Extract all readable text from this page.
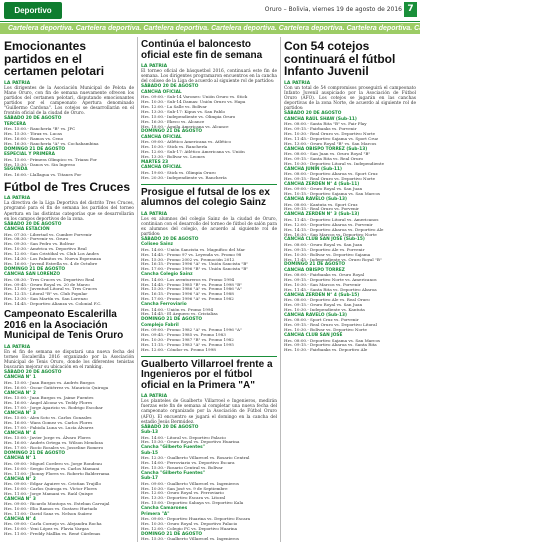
Deportivo	Oruro – Bolivia, viernes 19 de agosto de 2016 7
Cartelera deportiva. Cartelera deportiva. Cartelera deportiva. Cartelera deportiva. Cartelera deportiva. Cartelera deportiva. Cartelera deportiva. Cartelera deportiva.
Emocionantes partidos en el certamen pelotari
LA PATRIA

Los dirigentes de la Asociación Municipal de Pelota de Mano Oruro, con fin de semana nuevamente ofrecen los partidos del certamen pelotari, disputando emocionantes partidos por el campeonato Apertura denominado "Guillermo Cardona". Los cotejos se desarrollarán en el frontón oficial de la ciudad de Oruro.

SÁBADO 20 DE AGOSTO
TERCERA
Hrs. 15:00.- Ranchería "B" vs. JPC
Hrs. 15:30.- Tórax vs. Lucas
Hrs. 16:00.- Ramos vs. Ceno
Hrs. 16:30.- Ranchería "A" vs. Cochabambina
DOMINGO 21 DE AGOSTO
ESPECIAL Y PRIMERA
Hrs. 15:00.- Primera Olímpico vs. Trianu For
Hrs. 15:30.- Danos vs. Sin Ingreso
SEGUNDA
Hrs. 16:00.- Llallagua vs. Titanes For
Fútbol de Tres Cruces
LA PATRIA

La directiva de la Liga Deportiva del distrito Tres Cruces, programó para el fin de semana los partidos del torneo Apertura en las distintas categorías que se desarrollarán en los campos deportivos de la zona.

SÁBADO 20 DE AGOSTO
CANCHA ESTACIÓN
Hrs. 07:30.- Libertad vs. Cumbre Porvenir
Hrs. 08:30.- Porvenir vs. Oruro
Hrs. 09:30.- San Pedro vs. Bolívar
Hrs. 10:30.- América vs. Deportivo Real
Hrs. 12:00.- San Cristóbal vs. Club Los Andes
Hrs. 14:30.- Los Palmitos vs. Nueva Esperanza
Hrs. 16:00.- Juvenil Estrella vs. 4 de Octubre
DOMINGO 21 DE AGOSTO
CANCHA SAN LORENZO
Hrs. 08:30.- Tres Cruces vs. Deportivo Real
Hrs. 09:45.- Oruro Royal vs. 20 de Marzo
Hrs. 11:00.- Juventud Litoral vs. Tres Cruces
Hrs. 12:15.- Litoral "B" vs. Club Popular
Hrs. 13:30.- San Martín vs. San Lorenzo
Hrs. 14:45.- Deportivo Alianza vs. Colonial F.C.
Campeonato Escalerilla 2016 en la Asociación Municipal de Tenis Oruro
LA PATRIA

En el fin de semana se disputará una nueva fecha del torneo Escalerilla 2016 organizado por la Asociación Municipal de Tenis Oruro, donde los diferentes tenistas buscarán mejorar su ubicación en el ranking.

SÁBADO 20 DE AGOSTO
CANCHA N° 1
Hrs. 15:00.- Juan Burgos vs. Andrés Burgos
Hrs. 16:00.- Oscar Gutiérrez vs. Mauricio Quiroga
CANCHA N° 2
Hrs. 15:00.- Juan Burgos vs. Jaime Fuentes
Hrs. 16:00.- Ángel Alconz vs. Teddy Flores
Hrs. 17:00.- Jorge Aparicio vs. Rodrigo Escobar
CANCHA N° 3
Hrs. 15:00.- Alex Soto vs. Carlos Gonzales
Hrs. 16:00.- Wara Gomez vs. Carlos Flores
Hrs. 17:00.- Fabiola Luna vs. Lucía Álvarez
CANCHA N° 4
Hrs. 15:00.- Javier Jorge vs. Álvaro Flores
Hrs. 16:00.- Andrés Ortega vs. Wilson Mendoza
Hrs. 17:00.- Rocío Rosales vs. Josseline Romero
DOMINGO 21 DE AGOSTO
CANCHA N° 1
Hrs. 09:00.- Miguel Cordero vs. Jorge Rondeau
Hrs. 10:00.- Sergio Ortega vs. Carlos Mamani
Hrs. 11:00.- Jhonny Flores vs. Roberto Balderrama
CANCHA N° 2
Hrs. 09:00.- Edgar Aguirre vs. Cristian Trujillo
Hrs. 10:00.- Carlos Quiroga vs. Víctor Flores
Hrs. 11:00.- Jorge Mamani vs. Raúl Quispe
CANCHA N° 3
Hrs. 09:00.- Ricardo Montoya vs. Esteban Carvajal
Hrs. 10:00.- Elio Ramos vs. Gustavo Hurtado
Hrs. 11:00.- David Sanz vs. Nelson Suárez
CANCHA N° 4
Hrs. 09:00.- Carla Cornejo vs. Alejandra Rocha
Hrs. 10:00.- Yeni López vs. Flavia Vargas
Hrs. 11:00.- Freddy Mallku vs. René Cárdenas
Continúa el baloncesto oficial este fin de semana
LA PATRIA

El torneo oficial de básquetbol 2016, continuará este fin de semana. Los dirigentes programaron encuentros en la cancha del coliseo de la Liga de acuerdo al siguiente rol de partidos:

SÁBADO 20 DE AGOSTO
CANCHA OFICIAL
Hrs. 09:00.- Sub-14 Varones: Unión Oruro vs. Stick
Hrs. 10:30.- Sub-14 Damas: Unión Oruro vs. Hapa
Hrs. 12:00.- La Salle vs. Bolívar
Hrs. 13:30.- Sub-17: Kipus vs. San Pablo
Hrs. 15:00.- Independiente vs. Olimpia Oruro
Hrs. 16:30.- Ekeco vs. Alcance
Hrs. 18:00.- Águila Americana vs. Alcance
DOMINGO 21 DE AGOSTO
CANCHA OFICIAL
Hrs. 09:00.- Atlético Americana vs. Atlético
Hrs. 10:30.- Stick vs. Ranchería
Hrs. 12:00.- Sub-17: Atlético Americana vs. Unión
Hrs. 13:30.- Bolívar vs. Leones
MARTES 23
CANCHA OFICIAL
Hrs. 19:00.- Stick vs. Olimpia Oruro
Hrs. 20:30.- Independiente vs. Ranchería
Prosigue el futsal de los ex alumnos del colegio Sainz
LA PATRIA

Los ex alumnos del colegio Sainz de la ciudad de Oruro, continúan con el desarrollo del torneo de fútbol de salón para ex alumnos del colegio, de acuerdo al siguiente rol de partidos:

SÁBADO 20 DE AGOSTO
Coliseo Sainz
Hrs. 14:00.- Unión Sancista vs. Magnifico del Mar
Hrs. 14:45.- Promo 97 vs. Leyenda vs. Promo 98
Hrs. 15:30.- Promo 2002 vs. Promoción 2012
Hrs. 16:15.- Promo 1996 "A" vs. Unión Sancista "B"
Hrs. 17:00.- Promo 1996 "B" vs. Unión Sancista "B"
Cancha Colegio Sainz
Hrs. 14:00.- Los aventureros vs. Promo 1994
Hrs. 14:45.- Promo 1985 "B" vs. Promo 1998 "B"
Hrs. 15:30.- Promo 1986 "A" vs. Promo 1986 "A"
Hrs. 16:15.- Promo 1996 "A" vs. Promo 1988
Hrs. 17:00.- Promo 1996 "A" vs. Promo 1982
Cancha Ferroviario
Hrs. 14:00.- Unión vs. Promo 1994
Hrs. 14:45.- El Arquero vs. Cristaliza
DOMINGO 21 DE AGOSTO
Complejo Fabril
Hrs. 09:00.- Promo 1982 "A" vs. Promo 1996 "A"
Hrs. 09:45.- Promo 1985 vs. Promo 1983
Hrs. 10:30.- Promo 1987 "B" vs. Promo 1982
Hrs. 11:15.- Promo 1983 "A" vs. Promo 1995
Hrs. 12:00.- Cóndor vs. Promo 1998
Gualberto Villarroel frente a Ingenieros por el fútbol oficial en la Primera "A"
LA PATRIA

Los planteles de Gualberto Villarroel e Ingenieros, medirán fuerzas este fin de semana al completar una nueva fecha del campeonato organizado por la Asociación de Fútbol Oruro (AFO). El encuentro se jugará el domingo en la cancha del estadio Jesús Bermúdez.

SÁBADO 20 DE AGOSTO
Sub-13
Hrs. 14:00.- Litoral vs. Deportivo Palacio
Hrs. 15:30.- Oruro Royal vs. Deportivo Huarina
Cancha "Gilberto Fuentes"
Sub-15
Hrs. 12:30.- Gualberto Villarroel vs. Rosario Central
Hrs. 14:00.- Ferroviario vs. Deportivo Escara
Hrs. 15:30.- Rosario Central vs. Bolívar
Cancha "Gilberto Fuentes"
Sub-17
Hrs. 09:00.- Gualberto Villarroel vs. Ingenieros
Hrs. 10:30.- San José vs. 9 de Septiembre
Hrs. 12:00.- Oruro Royal vs. Ferroviario
Hrs. 13:30.- Deportivo Escara vs. Litoral
Hrs. 15:00.- Deportivo Sabaya vs. Deportivo Kala
Cancha Camarones
Primera "A"
Hrs. 09:00.- Deportivo Huarina vs. Deportivo Escara
Hrs. 10:30.- Oruro Royal vs. Deportivo Palacio
Hrs. 12:00.- Colegio FC vs. Deportivo Huarina
DOMINGO 21 DE AGOSTO
Hrs. 15:30.- Gualberto Villarroel vs. Ingenieros
Con 54 cotejos continuará el fútbol Infanto Juvenil
LA PATRIA

Con un total de 54 compromisos proseguirá el campeonato Infanto Juvenil auspiciado por la Asociación de Fútbol Oruro (AFO). Los cotejos se jugarán en las canchas deportivas de la zona Norte, de acuerdo al siguiente rol de partidos:

SÁBADO 20 DE AGOSTO
CANCHA RAÚL SHAW (Sub-11)
Hrs. 08:00.- Santa Rita "B" vs. Fair Play
Hrs. 09:15.- Fairbanks vs. Porvenir
Hrs. 10:30.- Real Oruro vs. Deportivo Norte
Hrs. 11:45.- Deportivo Sajama vs. Sport Cruz
Hrs. 13:00.- Oruro Royal "B" vs. San Marcos
CANCHA OBISPO TORREZ (Sub-13)
Hrs. 08:00.- San Juan vs. Oruro Royal "B"
Hrs. 09:15.- Santa Rita vs. Real Oruro
Hrs. 10:30.- Deportivo Litoral vs. Independiente
CANCHA JUNÍN (Sub-11)
Hrs. 08:00.- Deportivo Abaroa vs. Sport Cruz
Hrs. 09:15.- Real Oruro vs. Deportivo Norte
CANCHA ZERDEN N° 4 (Sub-11)
Hrs. 09:00.- Oruro Royal vs. San Juan
Hrs. 10:15.- Deportivo Sajama vs. San Marcos
CANCHA RAVELO (Sub-13)
Hrs. 08:00.- Kantuta vs. Sport Cruz
Hrs. 09:15.- Real Oruro vs. Porvenir
CANCHA ZERDEN N° 3 (Sub-13)
Hrs. 11:45.- Deportivo Litoral vs. Americanos
Hrs. 12:00.- Deportivo Abaroa vs. Porvenir
Hrs. 14:15.- Deportivo Abaroa vs. Deportivo Ale
Hrs. 16:30.- San Marcos vs. Deportivo Norte
CANCHA CLUB SAN JOSÉ (Sub-15)
Hrs. 08:00.- Oruro Royal vs. San Juan
Hrs. 09:15.- Deportivo Ale vs. Porvenir
Hrs. 10:30.- Bolívar vs. Deportivo Sajama
Hrs. 11:45.- Independiente vs. Oruro Royal "B"
DOMINGO 21 DE AGOSTO
CANCHA OBISPO TORREZ
Hrs. 08:00.- Fairbanks vs. Oruro Royal
Hrs. 09:15.- Deportivo Norte vs. Americanos
Hrs. 10:30.- San Marcos vs. Porvenir
Hrs. 11:45.- Santa Rita vs. Deportivo Abaroa
CANCHA ZERDEN N° 4 (Sub-15)
Hrs. 08:00.- Deportivo Ale vs. Real Oruro
Hrs. 09:15.- Oruro Royal vs. San Juan
Hrs. 10:30.- Independiente vs. Kantuta
CANCHA RAVELO (Sub-13)
Hrs. 08:00.- Sport Cruz vs. Porvenir
Hrs. 09:15.- Real Oruro vs. Deportivo Litoral
Hrs. 10:30.- Bolívar vs. Deportivo Norte
CANCHA CLUB SAN JOSÉ
Hrs. 08:00.- Deportivo Sajama vs. San Marcos
Hrs. 09:15.- Deportivo Abaroa vs. Santa Rita
Hrs. 10:30.- Fairbanks vs. Deportivo Ale
